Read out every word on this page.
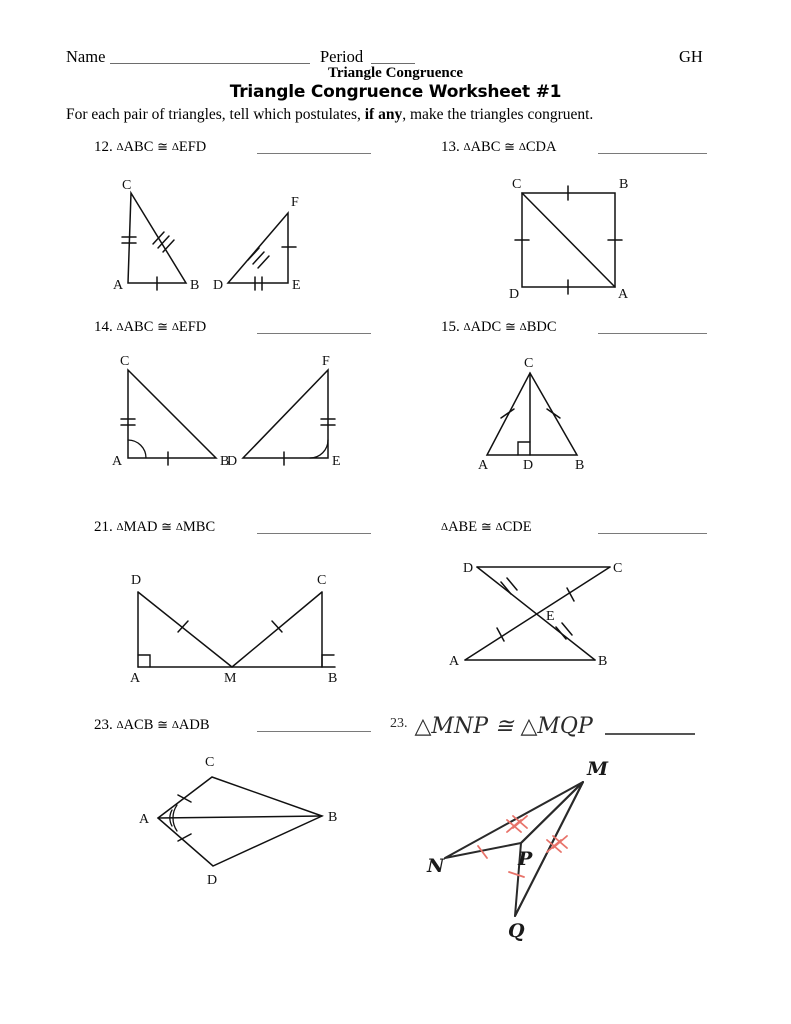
Name	Period	GH
Triangle Congruence
Triangle Congruence Worksheet #1
For each pair of triangles, tell which postulates, if any, make the triangles congruent.
12. ΔABC ≅ ΔEFD	13. ΔABC ≅ ΔCDA
C
A	B
F
D	E
C	B
D	A
14. ΔABC ≅ ΔEFD	15. ΔADC ≅ ΔBDC
C
A	B
F
D	E
C
A D	B
21. ΔMAD ≅ ΔMBC	ΔABE ≅ ΔCDE
D	C
A	M	B
D	C
E
A	B
23. ΔACB ≅ ΔADB	$^{23.}$ △MNP ≅ △MQP
C
A	B
D
M
N	P
Q
